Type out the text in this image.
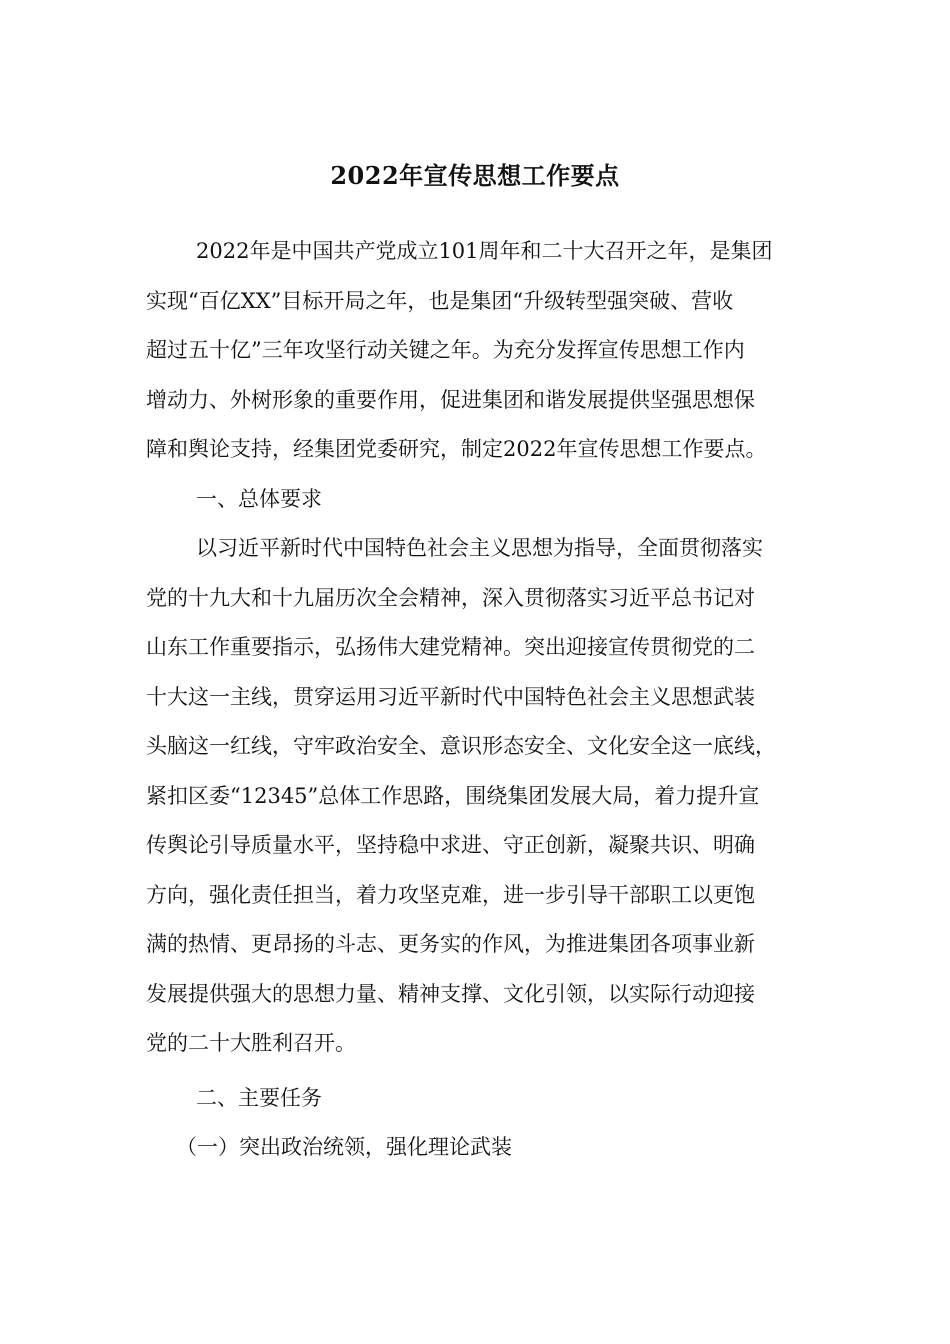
2022年宣传思想工作要点
2022年是中国共产党成立101周年和二十大召开之年，是集团
实现“百亿XX”目标开局之年，也是集团“升级转型强突破、营收
超过五十亿”三年攻坚行动关键之年。为充分发挥宣传思想工作内
增动力、外树形象的重要作用，促进集团和谐发展提供坚强思想保
障和舆论支持，经集团党委研究，制定2022年宣传思想工作要点。
一、总体要求
以习近平新时代中国特色社会主义思想为指导，全面贯彻落实
党的十九大和十九届历次全会精神，深入贯彻落实习近平总书记对
山东工作重要指示，弘扬伟大建党精神。突出迎接宣传贯彻党的二
十大这一主线，贯穿运用习近平新时代中国特色社会主义思想武装
头脑这一红线，守牢政治安全、意识形态安全、文化安全这一底线，
紧扣区委“12345”总体工作思路，围绕集团发展大局，着力提升宣
传舆论引导质量水平，坚持稳中求进、守正创新，凝聚共识、明确
方向，强化责任担当，着力攻坚克难，进一步引导干部职工以更饱
满的热情、更昂扬的斗志、更务实的作风，为推进集团各项事业新
发展提供强大的思想力量、精神支撑、文化引领，以实际行动迎接
党的二十大胜利召开。
二、主要任务
（一）突出政治统领，强化理论武装
